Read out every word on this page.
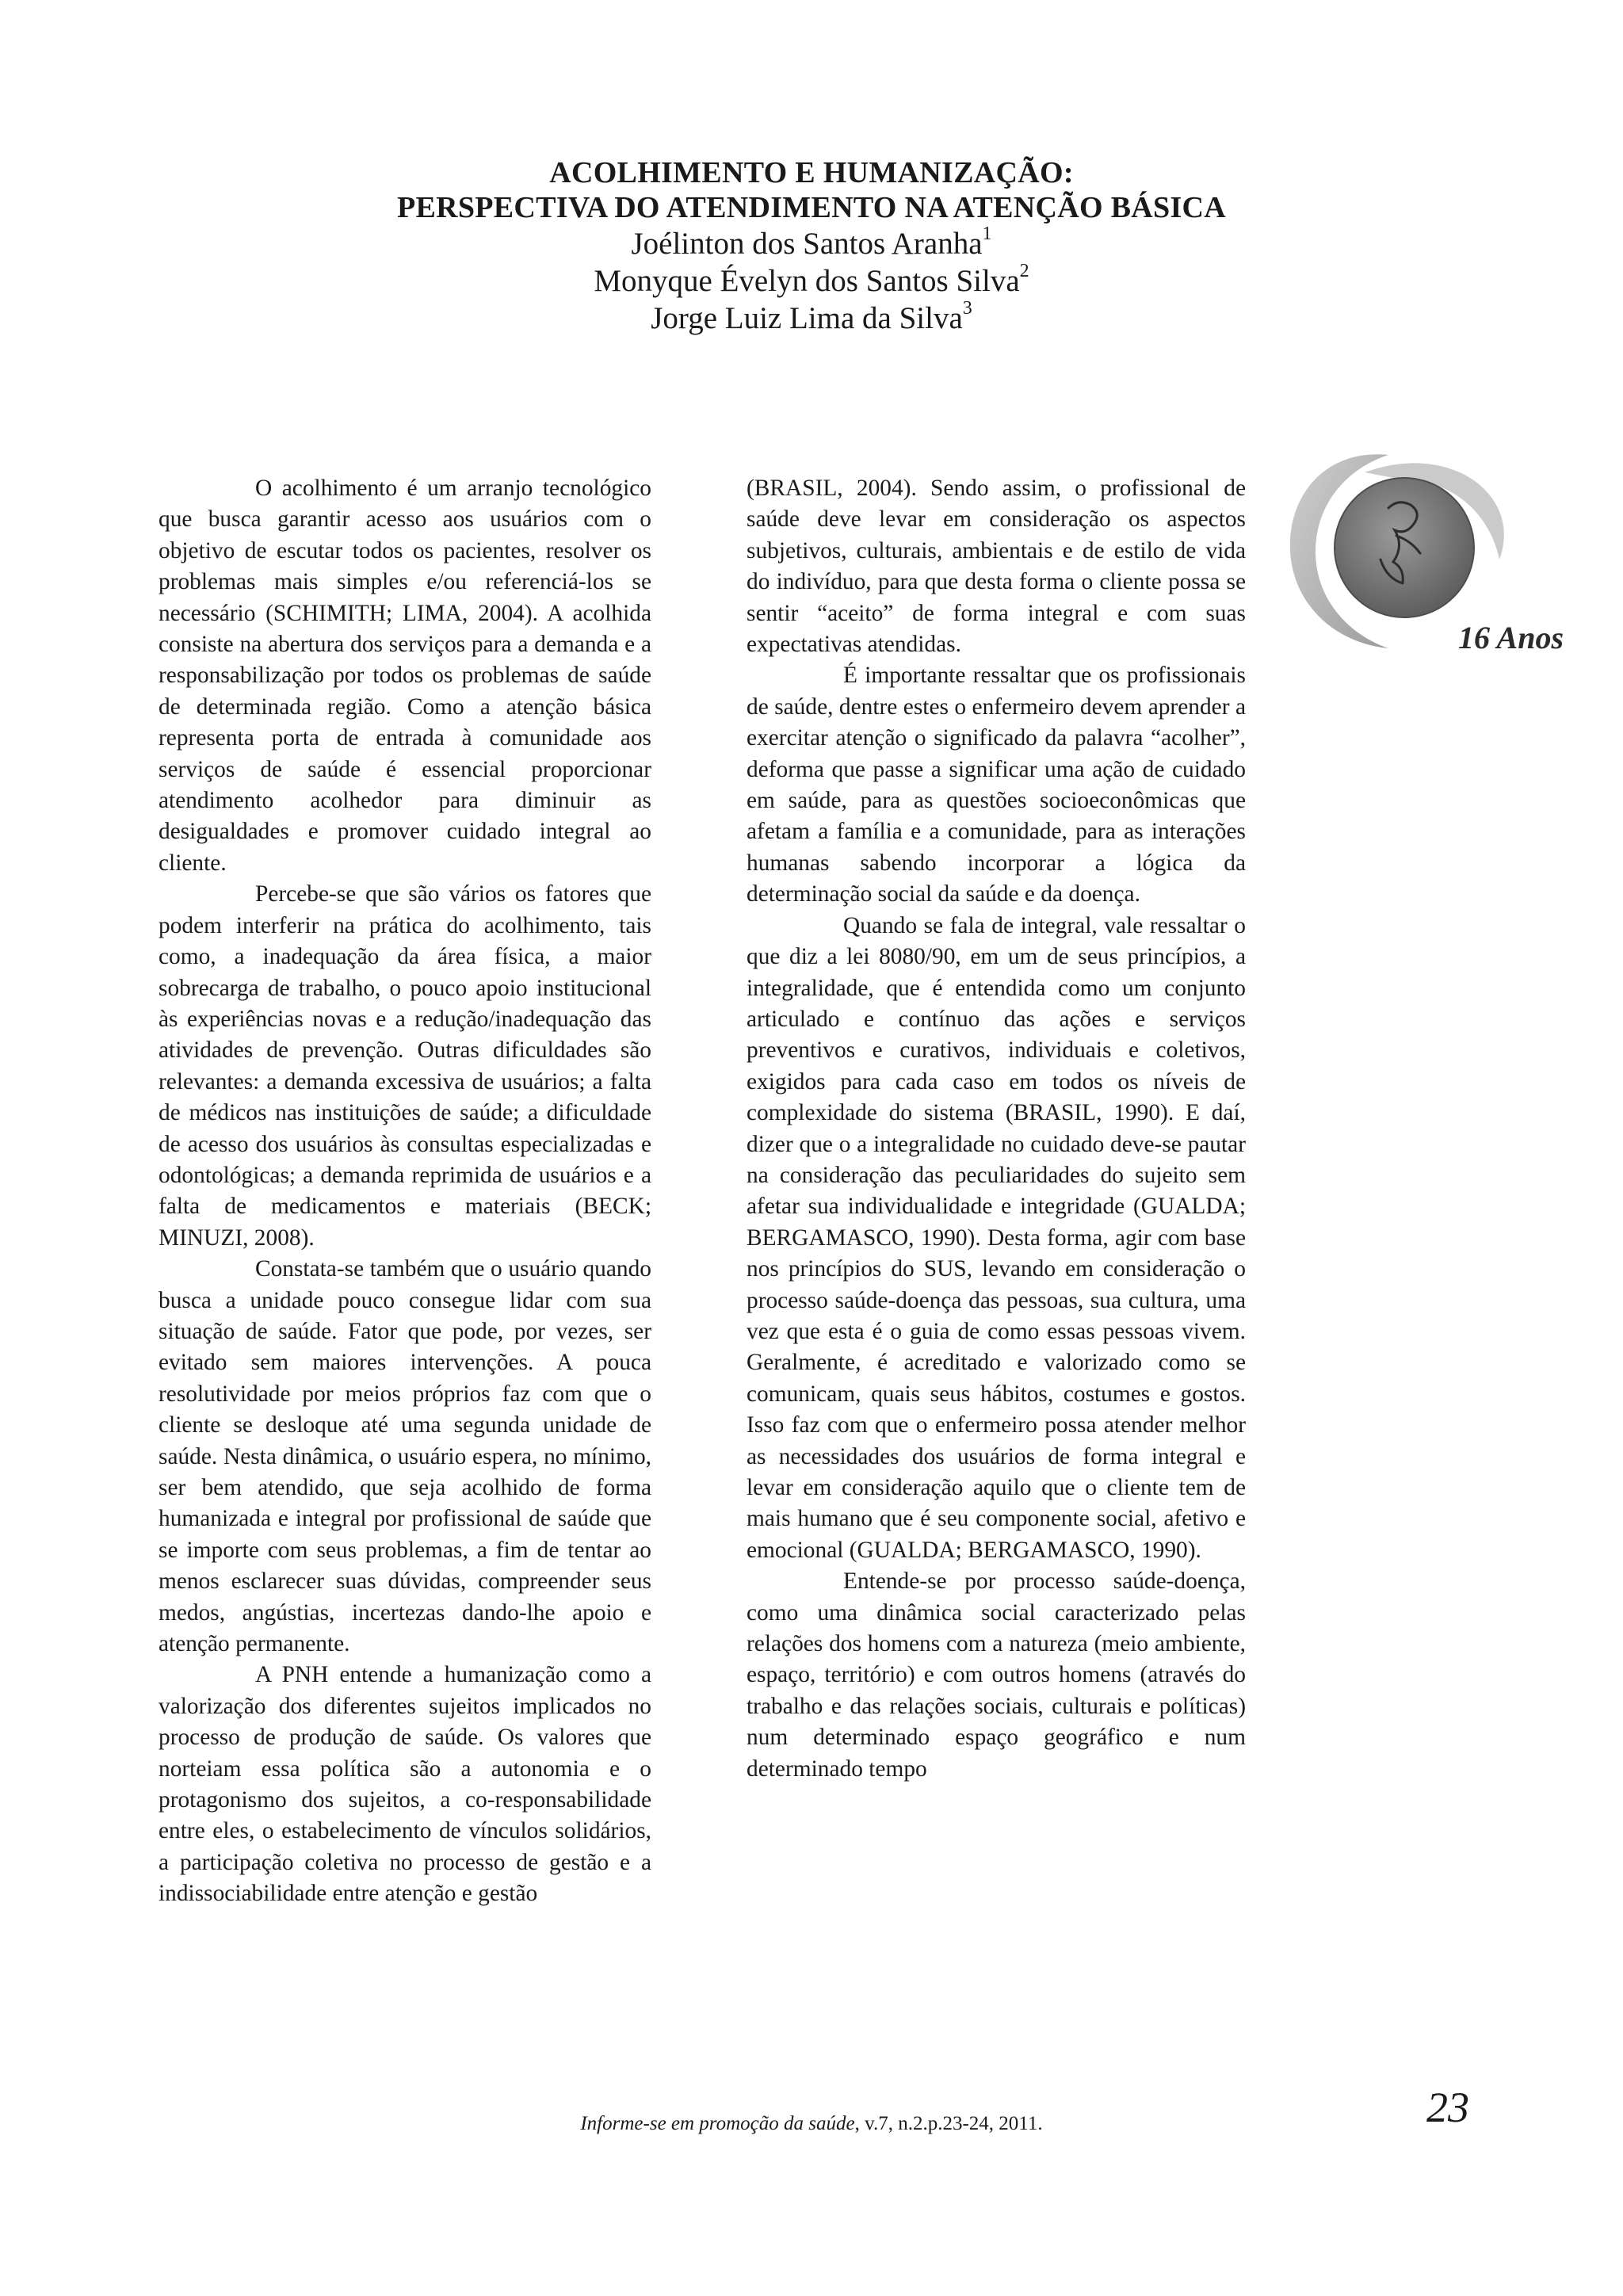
ACOLHIMENTO E HUMANIZAÇÃO:
PERSPECTIVA DO ATENDIMENTO NA ATENÇÃO BÁSICA
Joélinton dos Santos Aranha$^1$
Monyque Évelyn dos Santos Silva$^2$
Jorge Luiz Lima da Silva$^3$

O acolhimento é um arranjo tecnológico que busca garantir acesso aos usuários com o objetivo de escutar todos os pacientes, resolver os problemas mais simples e/ou referenciá-los se necessário (SCHIMITH; LIMA, 2004). A acolhida consiste na abertura dos serviços para a demanda e a responsabilização por todos os problemas de saúde de determinada região. Como a atenção básica representa porta de entrada à comunidade aos serviços de saúde é essencial proporcionar atendimento acolhedor para diminuir as desigualdades e promover cuidado integral ao cliente.

Percebe-se que são vários os fatores que podem interferir na prática do acolhimento, tais como, a inadequação da área física, a maior sobrecarga de trabalho, o pouco apoio institucional às experiências novas e a redução/inadequação das atividades de prevenção. Outras dificuldades são relevantes: a demanda excessiva de usuários; a falta de médicos nas instituições de saúde; a dificuldade de acesso dos usuários às consultas especializadas e odontológicas; a demanda reprimida de usuários e a falta de medicamentos e materiais (BECK; MINUZI, 2008).

Constata-se também que o usuário quando busca a unidade pouco consegue lidar com sua situação de saúde. Fator que pode, por vezes, ser evitado sem maiores intervenções. A pouca resolutividade por meios próprios faz com que o cliente se desloque até uma segunda unidade de saúde. Nesta dinâmica, o usuário espera, no mínimo, ser bem atendido, que seja acolhido de forma humanizada e integral por profissional de saúde que se importe com seus problemas, a fim de tentar ao menos esclarecer suas dúvidas, compreender seus medos, angústias, incertezas dando-lhe apoio e atenção permanente.

A PNH entende a humanização como a valorização dos diferentes sujeitos implicados no processo de produção de saúde. Os valores que norteiam essa política são a autonomia e o protagonismo dos sujeitos, a co-responsabilidade entre eles, o estabelecimento de vínculos solidários, a participação coletiva no processo de gestão e a indissociabilidade entre atenção e gestão

(BRASIL, 2004). Sendo assim, o profissional de saúde deve levar em consideração os aspectos subjetivos, culturais, ambientais e de estilo de vida do indivíduo, para que desta forma o cliente possa se sentir “aceito” de forma integral e com suas expectativas atendidas.

É importante ressaltar que os profissionais de saúde, dentre estes o enfermeiro devem aprender a exercitar atenção o significado da palavra “acolher”, deforma que passe a significar uma ação de cuidado em saúde, para as questões socioeconômicas que afetam a família e a comunidade, para as interações humanas sabendo incorporar a lógica da determinação social da saúde e da doença.

Quando se fala de integral, vale ressaltar o que diz a lei 8080/90, em um de seus princípios, a integralidade, que é entendida como um conjunto articulado e contínuo das ações e serviços preventivos e curativos, individuais e coletivos, exigidos para cada caso em todos os níveis de complexidade do sistema (BRASIL, 1990). E daí, dizer que o a integralidade no cuidado deve-se pautar na consideração das peculiaridades do sujeito sem afetar sua individualidade e integridade (GUALDA; BERGAMASCO, 1990). Desta forma, agir com base nos princípios do SUS, levando em consideração o processo saúde-doença das pessoas, sua cultura, uma vez que esta é o guia de como essas pessoas vivem. Geralmente, é acreditado e valorizado como se comunicam, quais seus hábitos, costumes e gostos. Isso faz com que o enfermeiro possa atender melhor as necessidades dos usuários de forma integral e levar em consideração aquilo que o cliente tem de mais humano que é seu componente social, afetivo e emocional (GUALDA; BERGAMASCO, 1990).

Entende-se por processo saúde-doença, como uma dinâmica social caracterizado pelas relações dos homens com a natureza (meio ambiente, espaço, território) e com outros homens (através do trabalho e das relações sociais, culturais e políticas) num determinado espaço geográfico e num determinado tempo

16 Anos
Informe-se em promoção da saúde, v.7, n.2.p.23-24, 2011.	23
